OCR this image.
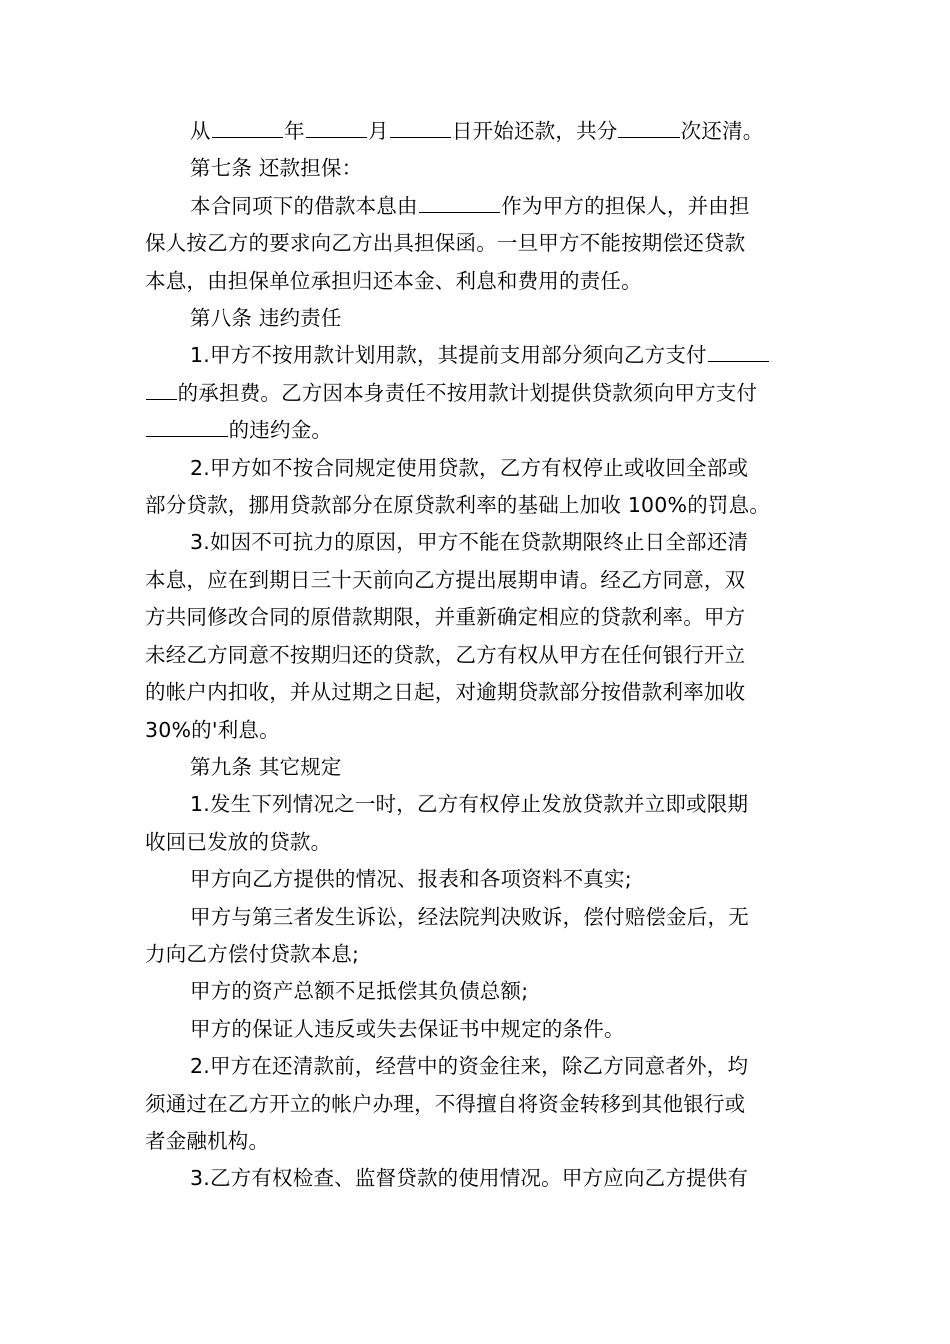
从	年	月	日开始还款，共分	次还清。

第七条 还款担保：

本合同项下的借款本息由	作为甲方的担保人，并由担
保人按乙方的要求向乙方出具担保函。一旦甲方不能按期偿还贷款
本息，由担保单位承担归还本金、利息和费用的责任。

第八条 违约责任

1.甲方不按用款计划用款，其提前支用部分须向乙方支付
的承担费。乙方因本身责任不按用款计划提供贷款须向甲方支付
的违约金。

2.甲方如不按合同规定使用贷款，乙方有权停止或收回全部或
部分贷款，挪用贷款部分在原贷款利率的基础上加收 100%的罚息。

3.如因不可抗力的原因，甲方不能在贷款期限终止日全部还清
本息，应在到期日三十天前向乙方提出展期申请。经乙方同意，双
方共同修改合同的原借款期限，并重新确定相应的贷款利率。甲方
未经乙方同意不按期归还的贷款，乙方有权从甲方在任何银行开立
的帐户内扣收，并从过期之日起，对逾期贷款部分按借款利率加收
30%的'利息。

第九条 其它规定

1.发生下列情况之一时，乙方有权停止发放贷款并立即或限期
收回已发放的贷款。

甲方向乙方提供的情况、报表和各项资料不真实;

甲方与第三者发生诉讼，经法院判决败诉，偿付赔偿金后，无
力向乙方偿付贷款本息;

甲方的资产总额不足抵偿其负债总额;

甲方的保证人违反或失去保证书中规定的条件。

2.甲方在还清款前，经营中的资金往来，除乙方同意者外，均
须通过在乙方开立的帐户办理，不得擅自将资金转移到其他银行或
者金融机构。

3.乙方有权检查、监督贷款的使用情况。甲方应向乙方提供有
